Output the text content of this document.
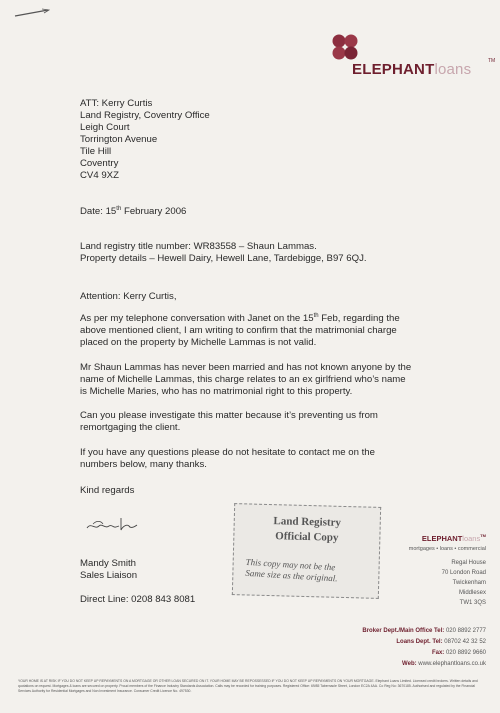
ELEPHANTloans	TM
ATT: Kerry Curtis
Land Registry, Coventry Office
Leigh Court
Torrington Avenue
Tile Hill
Coventry
CV4 9XZ
Date: 15th February 2006
Land registry title number: WR83558 – Shaun Lammas.
Property details – Hewell Dairy, Hewell Lane, Tardebigge, B97 6QJ.
Attention: Kerry Curtis,
As per my telephone conversation with Janet on the 15th Feb, regarding the
above mentioned client, I am writing to confirm that the matrimonial charge
placed on the property by Michelle Lammas is not valid.
Mr Shaun Lammas has never been married and has not known anyone by the
name of Michelle Lammas, this charge relates to an ex girlfriend who’s name
is Michelle Maries, who has no matrimonial right to this property.
Can you please investigate this matter because it’s preventing us from
remortgaging the client.
If you have any questions please do not hesitate to contact me on the
numbers below, many thanks.
Kind regards
Mandy Smith
Sales Liaison
Direct Line: 0208 843 8081
Land Registry
Official Copy
This copy may not be the
Same size as the original.
ELEPHANTloans™
mortgages • loans • commercial
Regal House
70 London Road
Twickenham
Middlesex
TW1 3QS
Broker Dept./Main Office Tel: 020 8892 2777
Loans Dept. Tel: 08702 42 32 52
Fax: 020 8892 9660
Web: www.elephantloans.co.uk
YOUR HOME IS AT RISK IF YOU DO NOT KEEP UP REPAYMENTS ON A MORTGAGE OR OTHER LOAN SECURED ON IT. YOUR HOME MAY BE REPOSSESSED IF YOU DO NOT KEEP UP REPAYMENTS ON YOUR MORTGAGE. Elephant Loans Limited. Licensed credit brokers. Written details and quotations on request. Mortgages & loans are secured on property. Proud members of the Finance Industry Standards Association. Calls may be recorded for training purposes. Registered Office: 69/85 Tabernacle Street, London EC2A 4AA. Co Reg No: 3670185. Authorised and regulated by the Financial Services Authority for Residential Mortgages and Non Investment Insurance. Consumer Credit Licence No. 497530.
